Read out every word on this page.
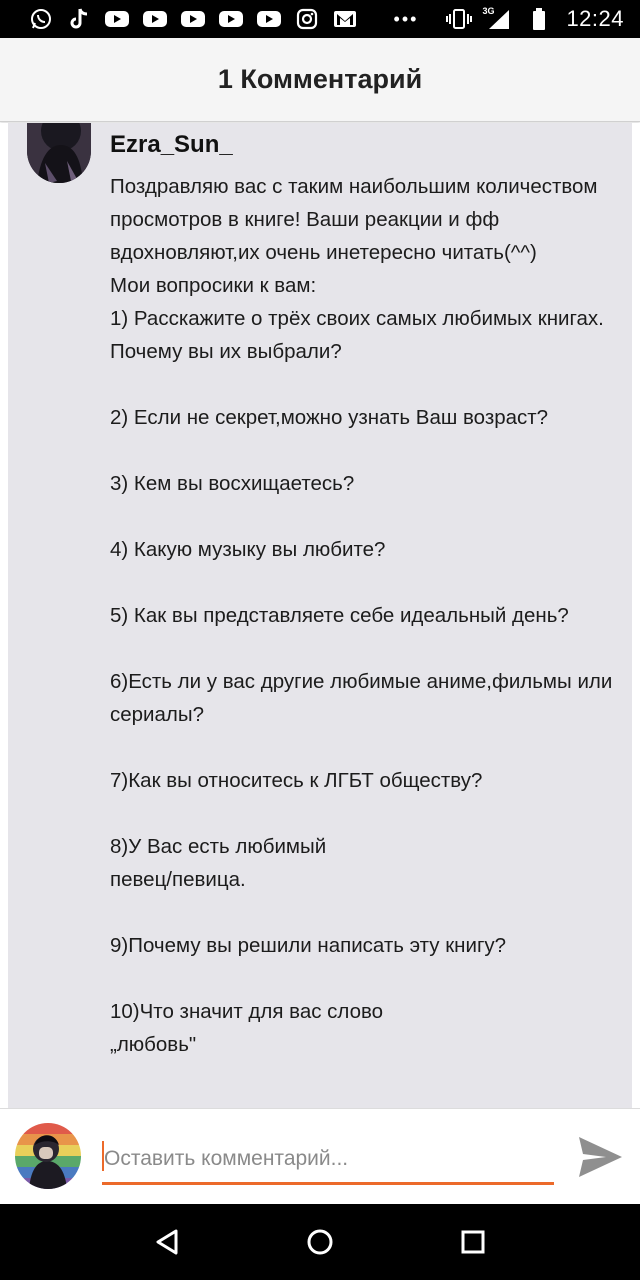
•••	3G	12:24
1 Комментарий
Ezra_Sun_

Поздравляю вас с таким наибольшим количеством просмотров в книге! Ваши реакции и фф вдохновляют,их очень инетересно читать(^^)
Мои вопросики к вам:
1) Расскажите о трёх своих самых любимых книгах. Почему вы их выбрали?

2) Если не секрет,можно узнать Ваш возраст?

3) Кем вы восхищаетесь?

4) Какую музыку вы любите?

5) Как вы представляете себе идеальный день?

6)Есть ли у вас другие любимые аниме,фильмы или сериалы?

7)Как вы относитесь к ЛГБТ обществу?

8)У Вас есть любимый
певец/певица.

9)Почему вы решили написать эту книгу?

10)Что значит для вас слово
„любовь"

Оставить комментарий...
